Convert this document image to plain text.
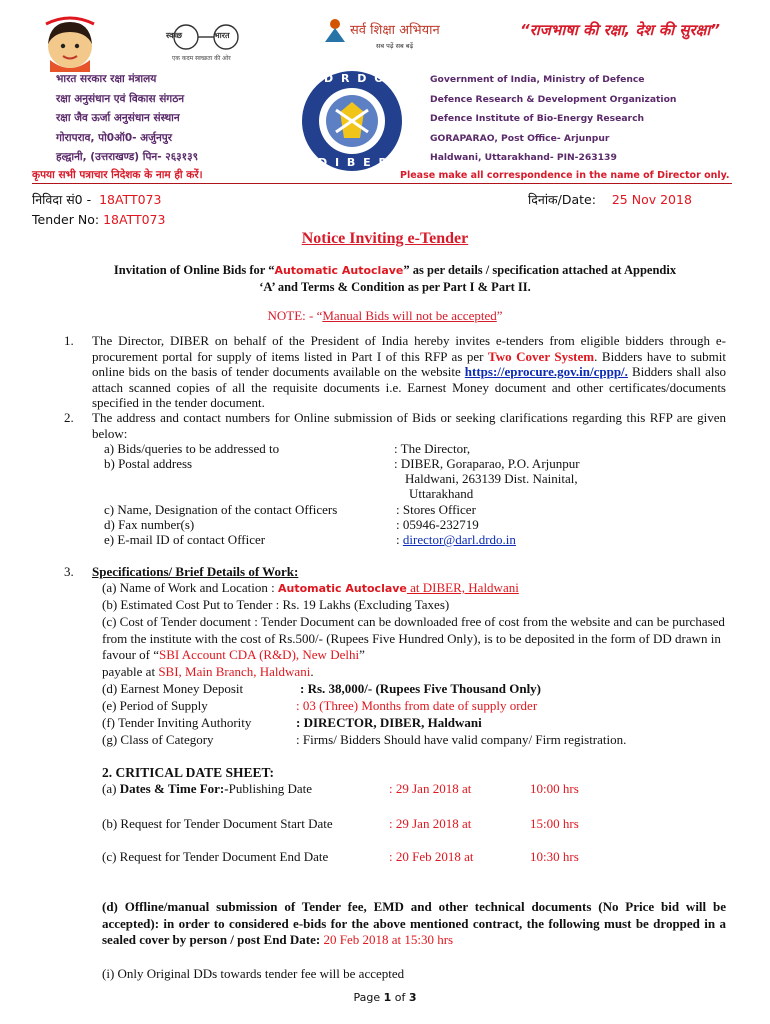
स्वच्छ	भारत
एक कदम स्वच्छता की ओर
सर्व शिक्षा अभियान
सब पढ़ें सब बढ़ें
“राजभाषा की रक्षा, देश की सुरक्षा”
D R D O
D I B E R
भारत सरकार रक्षा मंत्रालय
रक्षा अनुसंधान एवं विकास संगठन
रक्षा जैव ऊर्जा अनुसंधान संस्थान
गोरापराव, पो0ऑ0- अर्जुनपुर
हल्द्वानी, (उत्तराखण्ड) पिन- २६३१३९
कृपया सभी पत्राचार निदेशक के नाम ही करें।
Government of India, Ministry of Defence
Defence Research & Development Organization
Defence Institute of Bio-Energy Research
GORAPARAO, Post Office- Arjunpur
Haldwani, Uttarakhand- PIN-263139
Please make all correspondence in the name of Director only.
निविदा सं0 - 18ATT073	दिनांक/Date: 25 Nov 2018
Tender No: 18ATT073
Notice Inviting e-Tender
Invitation of Online Bids for “Automatic Autoclave” as per details / specification attached at Appendix
‘A’ and Terms & Condition as per Part I & Part II.
NOTE: - “Manual Bids will not be accepted”
1. The Director, DIBER on behalf of the President of India hereby invites e-tenders from eligible bidders through e-procurement portal for supply of items listed in Part I of this RFP as per Two Cover System. Bidders have to submit online bids on the basis of tender documents available on the website https://eprocure.gov.in/cppp/. Bidders shall also attach scanned copies of all the requisite documents i.e. Earnest Money document and other certificates/documents specified in the tender document.
2. The address and contact numbers for Online submission of Bids or seeking clarifications regarding this RFP are given below:
a) Bids/queries to be addressed to	: The Director,
b) Postal address	: DIBER, Goraparao, P.O. Arjunpur
Haldwani, 263139 Dist. Nainital,
Uttarakhand
c) Name, Designation of the contact Officers	: Stores Officer
d) Fax number(s)	: 05946-232719
e) E-mail ID of contact Officer	: director@darl.drdo.in
3. Specifications/ Brief Details of Work:
(a) Name of Work and Location : Automatic Autoclave at DIBER, Haldwani
(b) Estimated Cost Put to Tender : Rs. 19 Lakhs (Excluding Taxes)
(c) Cost of Tender document : Tender Document can be downloaded free of cost from the website and can be purchased from the institute with the cost of Rs.500/- (Rupees Five Hundred Only), is to be deposited in the form of DD drawn in favour of “SBI Account CDA (R&D), New Delhi”
payable at SBI, Main Branch, Haldwani.
(d) Earnest Money Deposit	: Rs. 38,000/- (Rupees Five Thousand Only)
(e) Period of Supply	: 03 (Three) Months from date of supply order
(f) Tender Inviting Authority	: DIRECTOR, DIBER, Haldwani
(g) Class of Category	: Firms/ Bidders Should have valid company/ Firm registration.
2. CRITICAL DATE SHEET:
(a) Dates & Time For:-Publishing Date	: 29 Jan 2018 at	10:00 hrs
(b) Request for Tender Document Start Date	: 29 Jan 2018 at	15:00 hrs
(c) Request for Tender Document End Date	: 20 Feb 2018 at	10:30 hrs
(d) Offline/manual submission of Tender fee, EMD and other technical documents (No Price bid will be accepted): in order to considered e-bids for the above mentioned contract, the following must be dropped in a sealed cover by person / post End Date: 20 Feb 2018 at 15:30 hrs
(i) Only Original DDs towards tender fee will be accepted
Page 1 of 3
